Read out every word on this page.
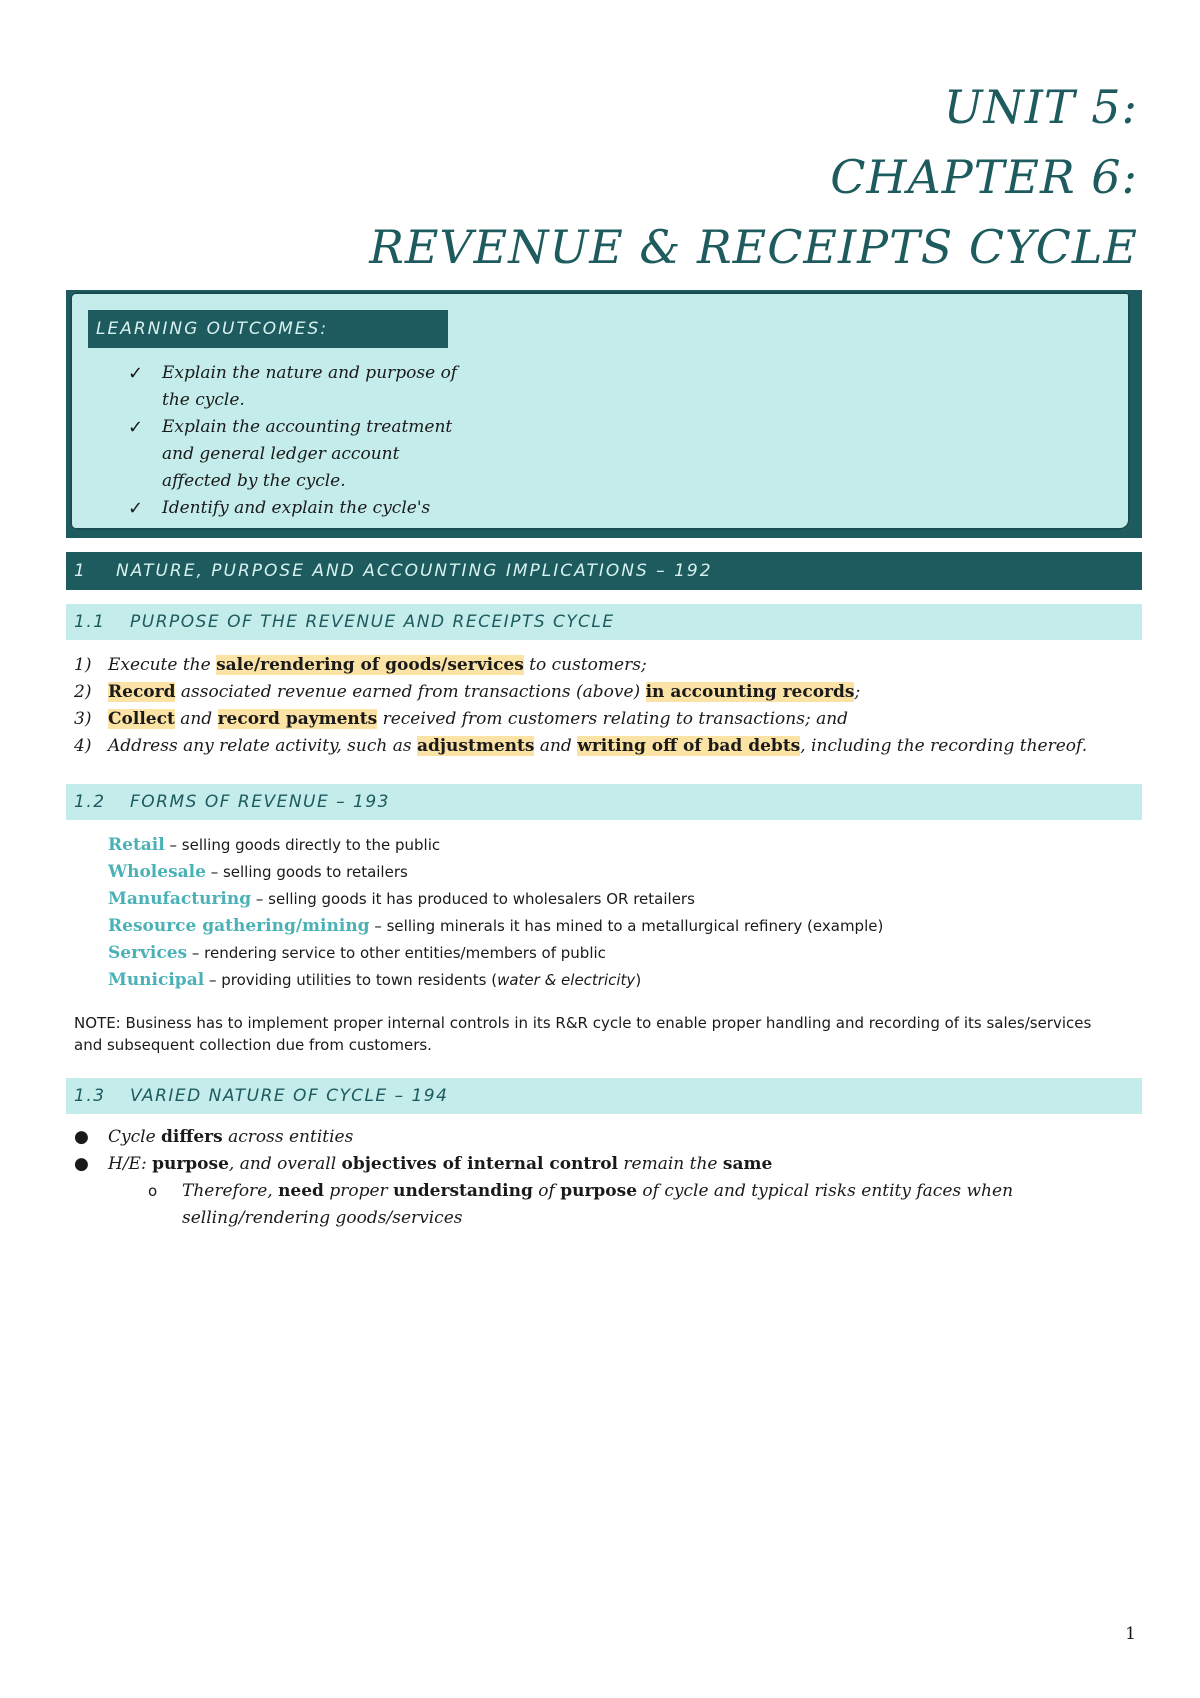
UNIT 5:
CHAPTER 6:
REVENUE & RECEIPTS CYCLE
LEARNING OUTCOMES:
✓ Explain the nature and purpose of the cycle.
✓ Explain the accounting treatment and general ledger account affected by the cycle.
✓ Identify and explain the cycle's
1 NATURE, PURPOSE AND ACCOUNTING IMPLICATIONS – 192
1.1 PURPOSE OF THE REVENUE AND RECEIPTS CYCLE
1) Execute the sale/rendering of goods/services to customers;
2) Record associated revenue earned from transactions (above) in accounting records;
3) Collect and record payments received from customers relating to transactions; and
4) Address any relate activity, such as adjustments and writing off of bad debts, including the recording thereof.
1.2 FORMS OF REVENUE – 193
Retail – selling goods directly to the public
Wholesale – selling goods to retailers
Manufacturing – selling goods it has produced to wholesalers OR retailers
Resource gathering/mining – selling minerals it has mined to a metallurgical refinery (example)
Services – rendering service to other entities/members of public
Municipal – providing utilities to town residents (water & electricity)
NOTE: Business has to implement proper internal controls in its R&R cycle to enable proper handling and recording of its sales/services and subsequent collection due from customers.
1.3 VARIED NATURE OF CYCLE – 194
● Cycle differs across entities
● H/E: purpose, and overall objectives of internal control remain the same
o Therefore, need proper understanding of purpose of cycle and typical risks entity faces when selling/rendering goods/services
1
